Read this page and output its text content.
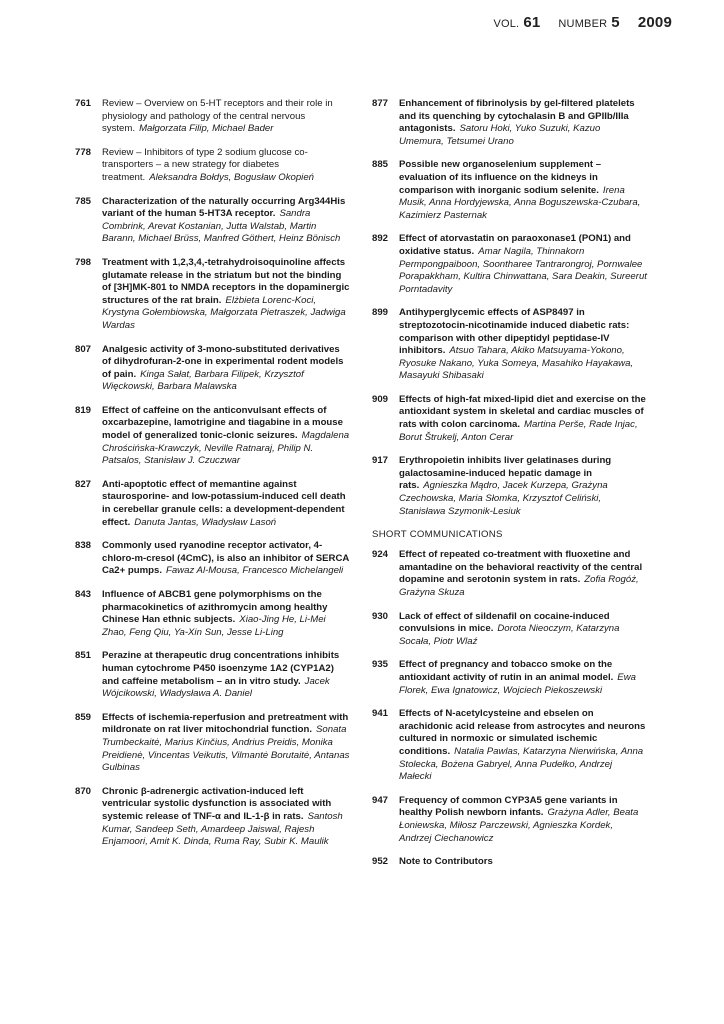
VOL. 61 NUMBER 5 2009
761 Review – Overview on 5-HT receptors and their role in physiology and pathology of the central nervous system. Małgorzata Filip, Michael Bader
778 Review – Inhibitors of type 2 sodium glucose co-transporters – a new strategy for diabetes treatment. Aleksandra Bołdys, Bogusław Okopień
785 Characterization of the naturally occurring Arg344His variant of the human 5-HT3A receptor. Sandra Combrink, Arevat Kostanian, Jutta Walstab, Martin Barann, Michael Brüss, Manfred Göthert, Heinz Bönisch
798 Treatment with 1,2,3,4,-tetrahydroisoquinoline affects glutamate release in the striatum but not the binding of [3H]MK-801 to NMDA receptors in the dopaminergic structures of the rat brain. Elżbieta Lorenc-Koci, Krystyna Gołembiowska, Małgorzata Pietraszek, Jadwiga Wardas
807 Analgesic activity of 3-mono-substituted derivatives of dihydrofuran-2-one in experimental rodent models of pain. Kinga Sałat, Barbara Filipek, Krzysztof Więckowski, Barbara Malawska
819 Effect of caffeine on the anticonvulsant effects of oxcarbazepine, lamotrigine and tiagabine in a mouse model of generalized tonic-clonic seizures. Magdalena Chrościńska-Krawczyk, Neville Ratnaraj, Philip N. Patsalos, Stanisław J. Czuczwar
827 Anti-apoptotic effect of memantine against staurosporine- and low-potassium-induced cell death in cerebellar granule cells: a development-dependent effect. Danuta Jantas, Władysław Lasoń
838 Commonly used ryanodine receptor activator, 4-chloro-m-cresol (4CmC), is also an inhibitor of SERCA Ca2+ pumps. Fawaz Al-Mousa, Francesco Michelangeli
843 Influence of ABCB1 gene polymorphisms on the pharmacokinetics of azithromycin among healthy Chinese Han ethnic subjects. Xiao-Jing He, Li-Mei Zhao, Feng Qiu, Ya-Xin Sun, Jesse Li-Ling
851 Perazine at therapeutic drug concentrations inhibits human cytochrome P450 isoenzyme 1A2 (CYP1A2) and caffeine metabolism – an in vitro study. Jacek Wójcikowski, Władysława A. Daniel
859 Effects of ischemia-reperfusion and pretreatment with mildronate on rat liver mitochondrial function. Sonata Trumbeckaitė, Marius Kinčius, Andrius Preidis, Monika Preidienė, Vincentas Veikutis, Vilmantė Borutaitė, Antanas Gulbinas
870 Chronic β-adrenergic activation-induced left ventricular systolic dysfunction is associated with systemic release of TNF-α and IL-1-β in rats. Santosh Kumar, Sandeep Seth, Amardeep Jaiswal, Rajesh Enjamoori, Amit K. Dinda, Ruma Ray, Subir K. Maulik
877 Enhancement of fibrinolysis by gel-filtered platelets and its quenching by cytochalasin B and GPIIb/IIIa antagonists. Satoru Hoki, Yuko Suzuki, Kazuo Umemura, Tetsumei Urano
885 Possible new organoselenium supplement – evaluation of its influence on the kidneys in comparison with inorganic sodium selenite. Irena Musik, Anna Hordyjewska, Anna Boguszewska-Czubara, Kazimierz Pasternak
892 Effect of atorvastatin on paraoxonase1 (PON1) and oxidative status. Amar Nagila, Thinnakorn Permpongpaiboon, Soontharee Tantrarongroj, Pornwalee Porapakkham, Kultira Chinwattana, Sara Deakin, Sureerut Porntadavity
899 Antihyperglycemic effects of ASP8497 in streptozotocin-nicotinamide induced diabetic rats: comparison with other dipeptidyl peptidase-IV inhibitors. Atsuo Tahara, Akiko Matsuyama-Yokono, Ryosuke Nakano, Yuka Someya, Masahiko Hayakawa, Masayuki Shibasaki
909 Effects of high-fat mixed-lipid diet and exercise on the antioxidant system in skeletal and cardiac muscles of rats with colon carcinoma. Martina Perše, Rade Injac, Borut Štrukelj, Anton Cerar
917 Erythropoietin inhibits liver gelatinases during galactosamine-induced hepatic damage in rats. Agnieszka Mądro, Jacek Kurzepa, Grażyna Czechowska, Maria Słomka, Krzysztof Celiński, Stanisława Szymonik-Lesiuk
SHORT COMMUNICATIONS
924 Effect of repeated co-treatment with fluoxetine and amantadine on the behavioral reactivity of the central dopamine and serotonin system in rats. Zofia Rogóż, Grażyna Skuza
930 Lack of effect of sildenafil on cocaine-induced convulsions in mice. Dorota Nieoczym, Katarzyna Socała, Piotr Wlaź
935 Effect of pregnancy and tobacco smoke on the antioxidant activity of rutin in an animal model. Ewa Florek, Ewa Ignatowicz, Wojciech Piekoszewski
941 Effects of N-acetylcysteine and ebselen on arachidonic acid release from astrocytes and neurons cultured in normoxic or simulated ischemic conditions. Natalia Pawlas, Katarzyna Nierwińska, Anna Stolecka, Bożena Gabryel, Anna Pudełko, Andrzej Małecki
947 Frequency of common CYP3A5 gene variants in healthy Polish newborn infants. Grażyna Adler, Beata Łoniewska, Miłosz Parczewski, Agnieszka Kordek, Andrzej Ciechanowicz
952 Note to Contributors
